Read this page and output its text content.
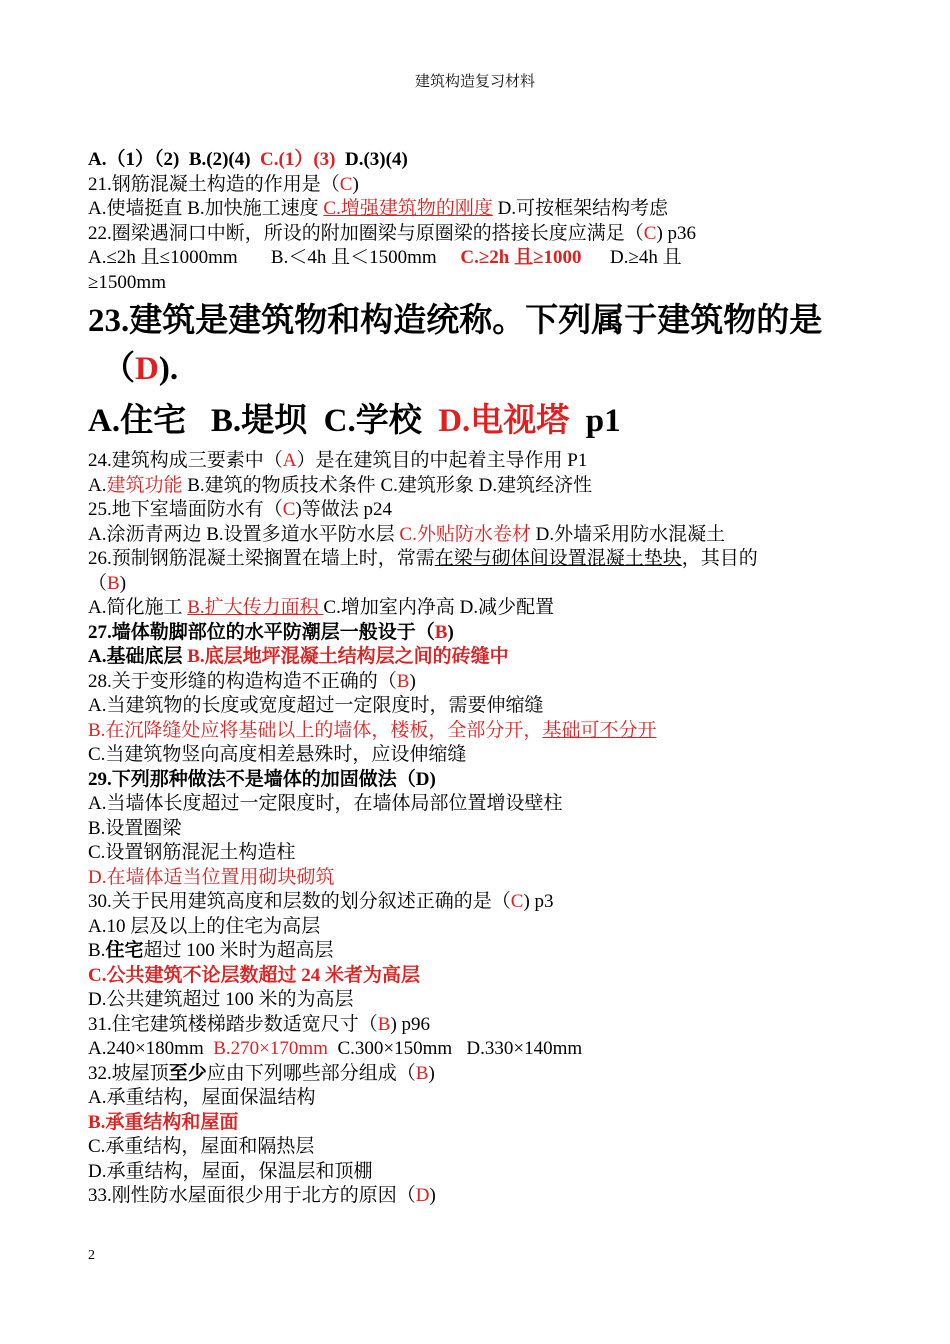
建筑构造复习材料
A.（1）（2) B.(2)(4) C.(1）(3) D.(3)(4)
21.钢筋混凝土构造的作用是（C)
A.使墙挺直 B.加快施工速度 C.增强建筑物的刚度 D.可按框架结构考虑
22.圈梁遇洞口中断，所设的附加圈梁与原圈梁的搭接长度应满足（C) p36
A.≤2h 且≤1000mm B.＜4h 且＜1500mm C.≥2h 且≥1000 D.≥4h 且
≥1500mm
23.建筑是建筑物和构造统称。下列属于建筑物的是
（D).
A.住宅 B.堤坝 C.学校 D.电视塔 p1
24.建筑构成三要素中（A）是在建筑目的中起着主导作用 P1
A.建筑功能 B.建筑的物质技术条件 C.建筑形象 D.建筑经济性
25.地下室墙面防水有（C)等做法 p24
A.涂沥青两边 B.设置多道水平防水层 C.外贴防水卷材 D.外墙采用防水混凝土
26.预制钢筋混凝土梁搁置在墙上时，常需在梁与砌体间设置混凝土垫块，其目的
（B)
A.简化施工 B.扩大传力面积 C.增加室内净高 D.减少配置
27.墙体勒脚部位的水平防潮层一般设于（B)
A.基础底层 B.底层地坪混凝土结构层之间的砖缝中
28.关于变形缝的构造构造不正确的（B)
A.当建筑物的长度或宽度超过一定限度时，需要伸缩缝
B.在沉降缝处应将基础以上的墙体，楼板，全部分开，基础可不分开
C.当建筑物竖向高度相差悬殊时，应设伸缩缝
29.下列那种做法不是墙体的加固做法（D)
A.当墙体长度超过一定限度时，在墙体局部位置增设壁柱
B.设置圈梁
C.设置钢筋混泥土构造柱
D.在墙体适当位置用砌块砌筑
30.关于民用建筑高度和层数的划分叙述正确的是（C) p3
A.10 层及以上的住宅为高层
B.住宅超过 100 米时为超高层
C.公共建筑不论层数超过 24 米者为高层
D.公共建筑超过 100 米的为高层
31.住宅建筑楼梯踏步数适宽尺寸（B) p96
A.240×180mm  B.270×170mm  C.300×150mm   D.330×140mm
32.坡屋顶至少应由下列哪些部分组成（B)
A.承重结构，屋面保温结构
B.承重结构和屋面
C.承重结构，屋面和隔热层
D.承重结构，屋面，保温层和顶棚
33.刚性防水屋面很少用于北方的原因（D)
2
